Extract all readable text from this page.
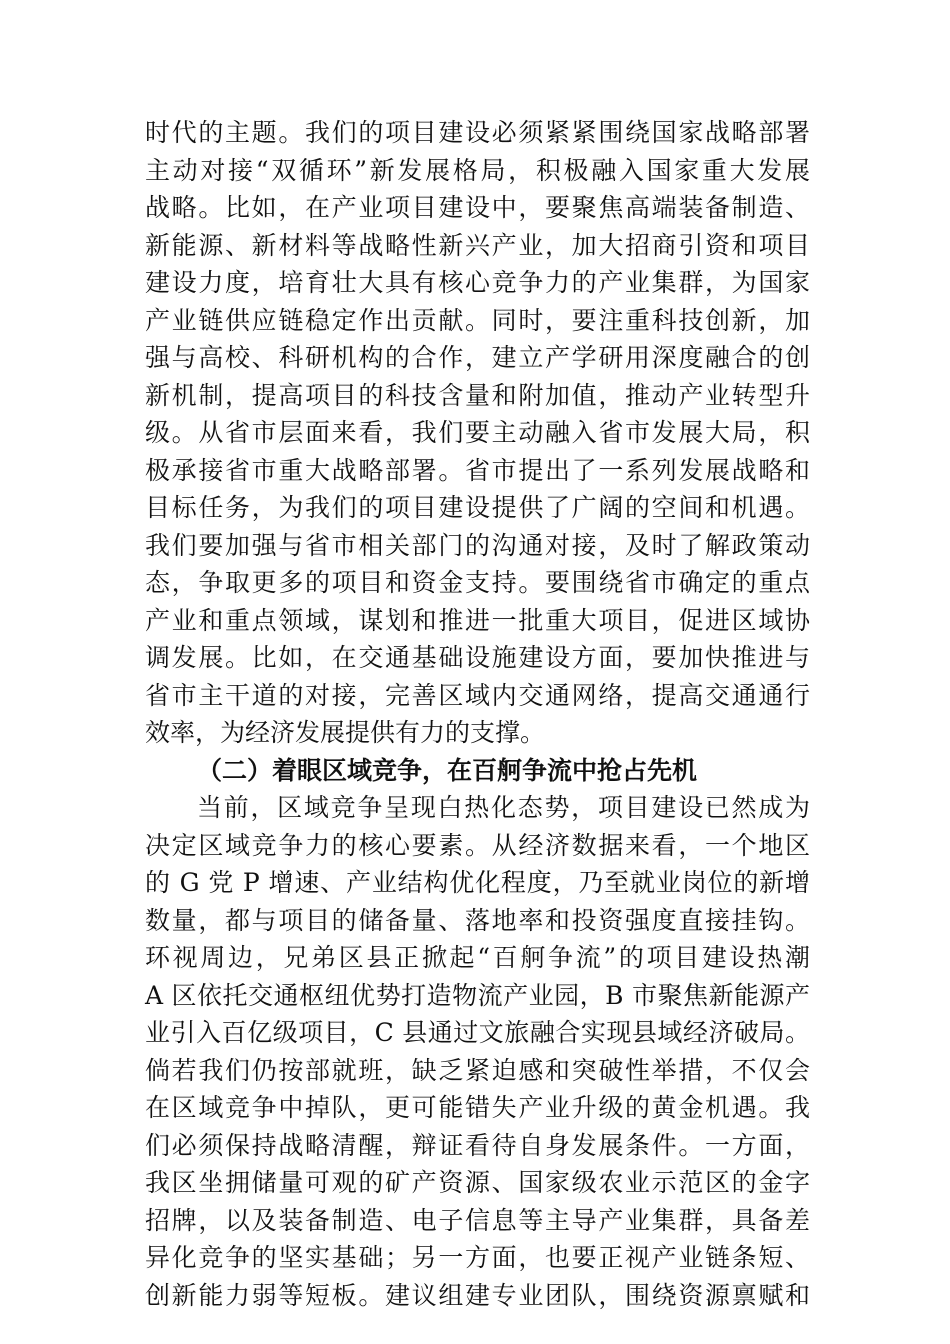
时代的主题。我们的项目建设必须紧紧围绕国家战略部署
主动对接“双循环”新发展格局，积极融入国家重大发展
战略。比如，在产业项目建设中，要聚焦高端装备制造、
新能源、新材料等战略性新兴产业，加大招商引资和项目
建设力度，培育壮大具有核心竞争力的产业集群，为国家
产业链供应链稳定作出贡献。同时，要注重科技创新，加
强与高校、科研机构的合作，建立产学研用深度融合的创
新机制，提高项目的科技含量和附加值，推动产业转型升
级。从省市层面来看，我们要主动融入省市发展大局，积
极承接省市重大战略部署。省市提出了一系列发展战略和
目标任务，为我们的项目建设提供了广阔的空间和机遇。
我们要加强与省市相关部门的沟通对接，及时了解政策动
态，争取更多的项目和资金支持。要围绕省市确定的重点
产业和重点领域，谋划和推进一批重大项目，促进区域协
调发展。比如，在交通基础设施建设方面，要加快推进与
省市主干道的对接，完善区域内交通网络，提高交通通行
效率，为经济发展提供有力的支撑。
（二）着眼区域竞争，在百舸争流中抢占先机
当前，区域竞争呈现白热化态势，项目建设已然成为
决定区域竞争力的核心要素。从经济数据来看，一个地区
的 G 党 P 增速、产业结构优化程度，乃至就业岗位的新增
数量，都与项目的储备量、落地率和投资强度直接挂钩。
环视周边，兄弟区县正掀起“百舸争流”的项目建设热潮
A 区依托交通枢纽优势打造物流产业园，B 市聚焦新能源产
业引入百亿级项目，C 县通过文旅融合实现县域经济破局。
倘若我们仍按部就班，缺乏紧迫感和突破性举措，不仅会
在区域竞争中掉队，更可能错失产业升级的黄金机遇。我
们必须保持战略清醒，辩证看待自身发展条件。一方面，
我区坐拥储量可观的矿产资源、国家级农业示范区的金字
招牌，以及装备制造、电子信息等主导产业集群，具备差
异化竞争的坚实基础；另一方面，也要正视产业链条短、
创新能力弱等短板。建议组建专业团队，围绕资源禀赋和
